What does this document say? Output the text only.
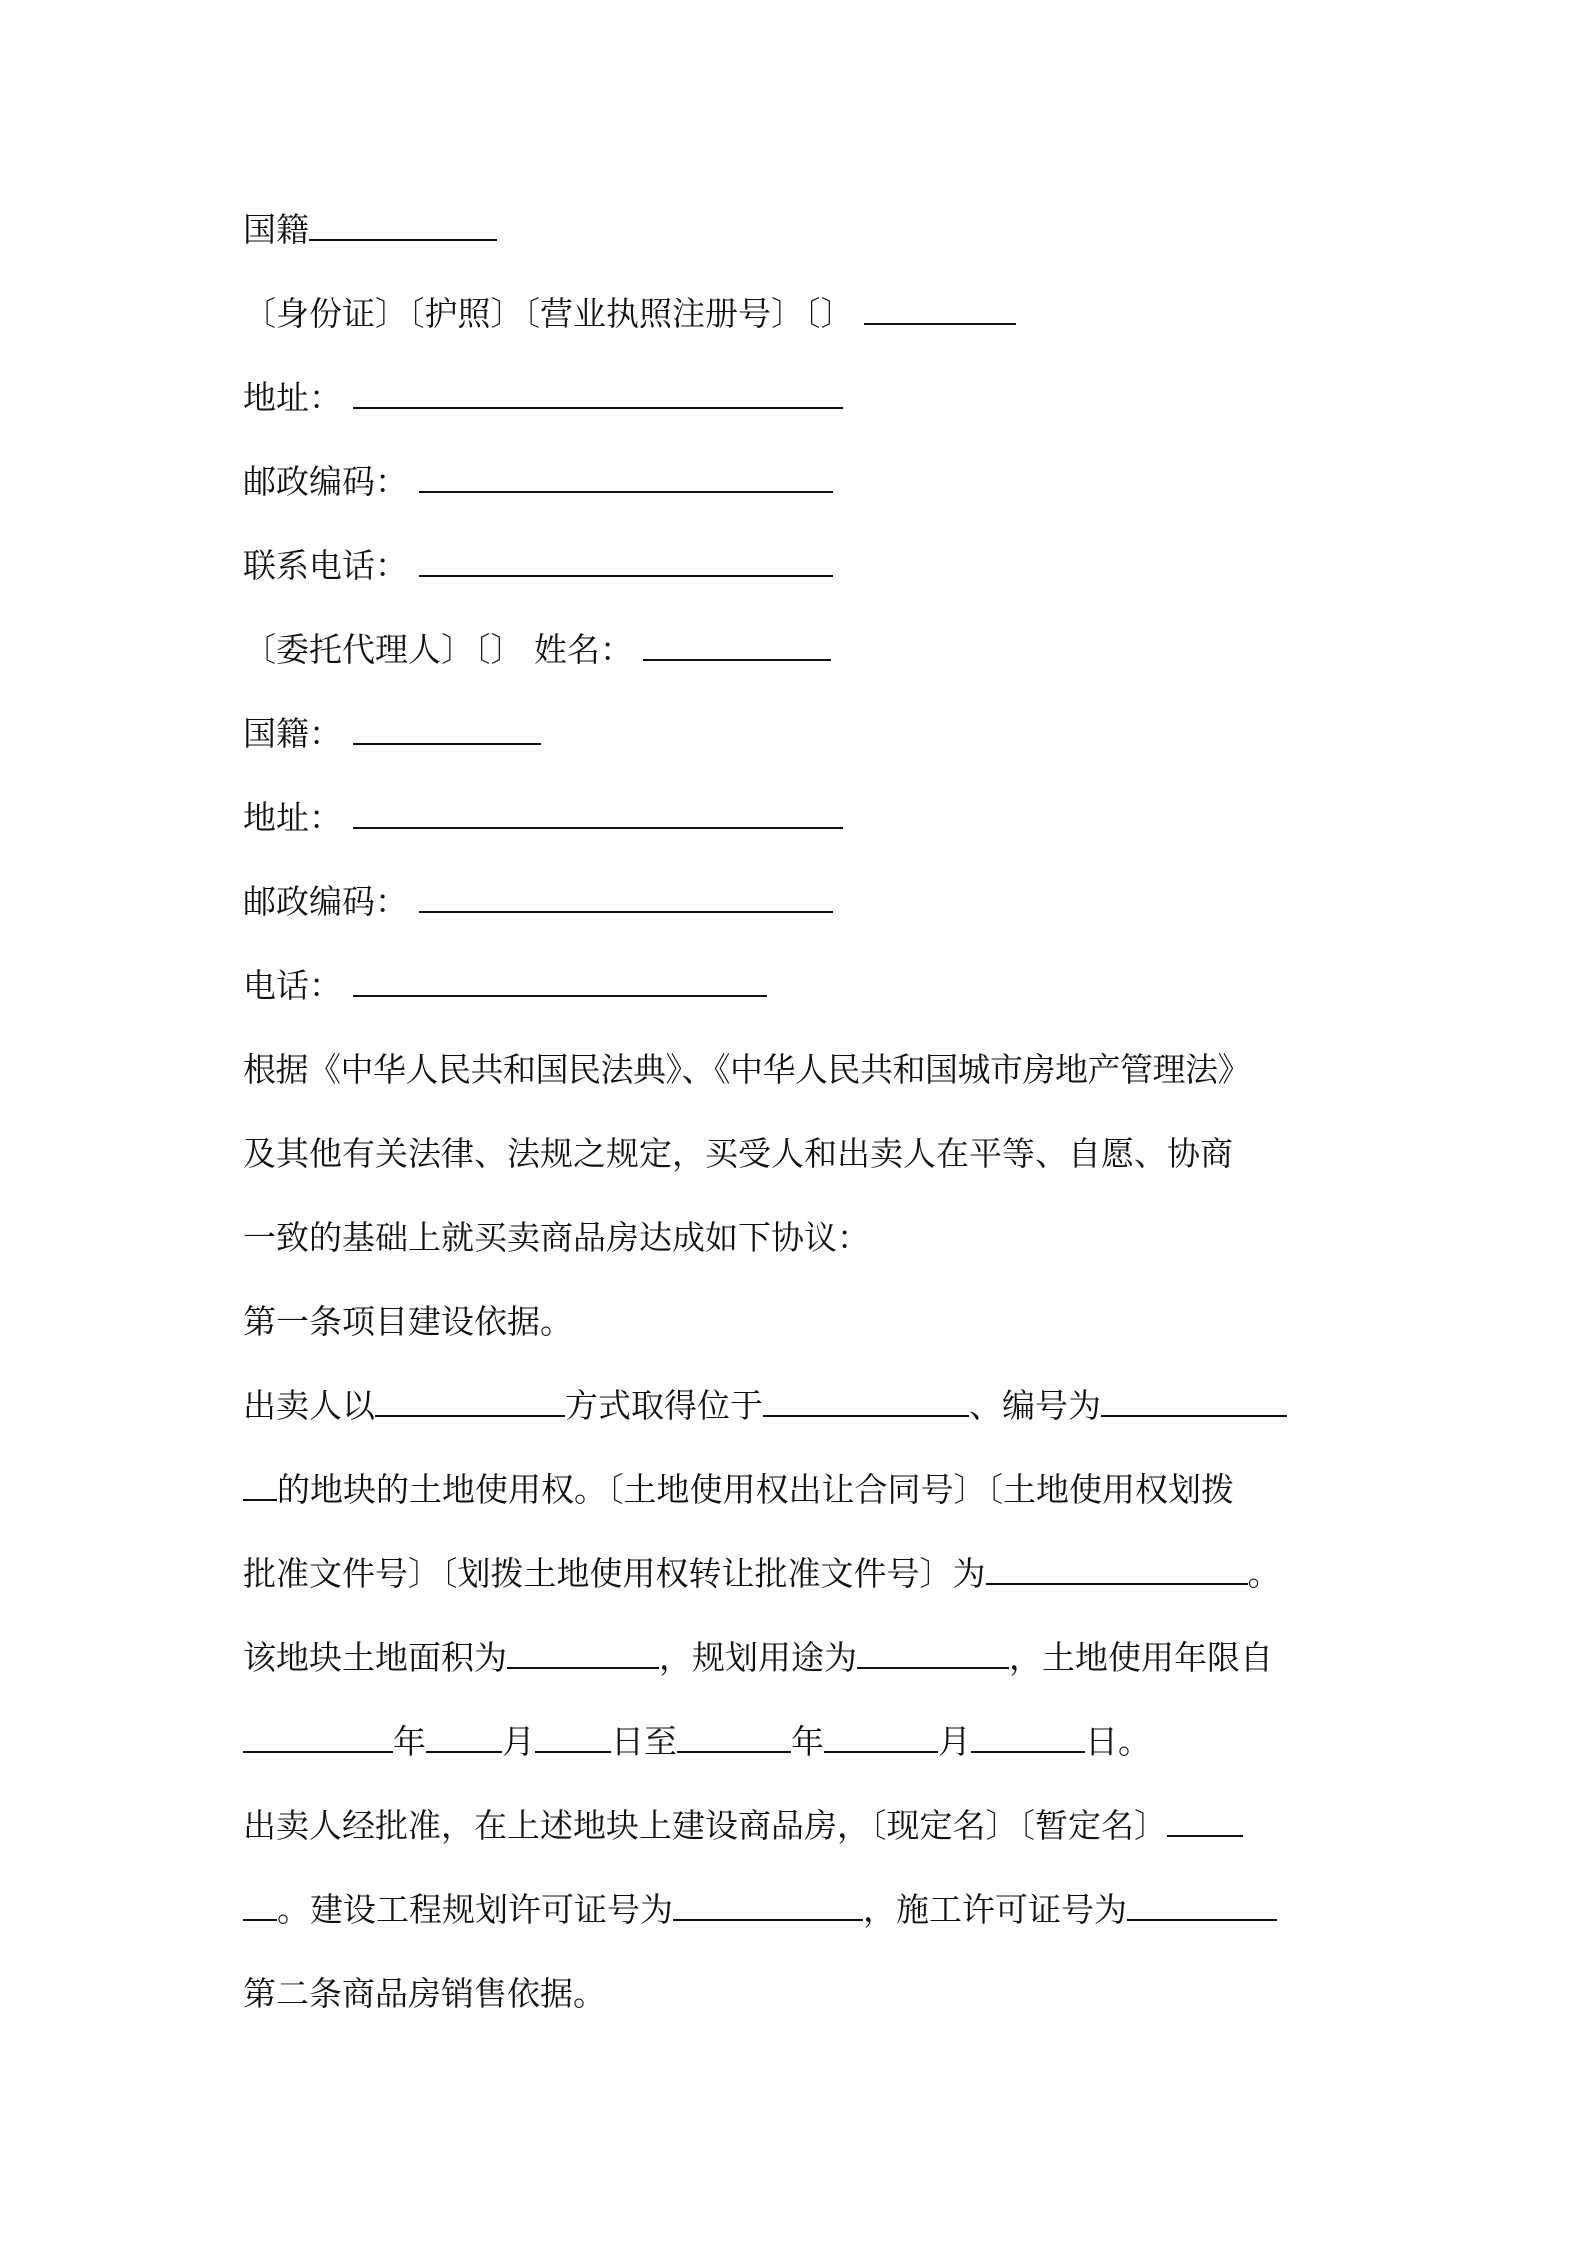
国籍
〔身份证〕〔护照〕〔营业执照注册号〕〔〕
地址：
邮政编码：
联系电话：
〔委托代理人〕〔〕 姓名：
国籍：
地址：
邮政编码：
电话：
根据《中华人民共和国民法典》、《中华人民共和国城市房地产管理法》
及其他有关法律、法规之规定，买受人和出卖人在平等、自愿、协商
一致的基础上就买卖商品房达成如下协议：
第一条项目建设依据。
出卖人以	方式取得位于	、编号为
的地块的土地使用权。〔土地使用权出让合同号〕〔土地使用权划拨
批准文件号〕〔划拨土地使用权转让批准文件号〕为	。
该地块土地面积为	，规划用途为	，土地使用年限自
年 月 日至	年	月	日。
出卖人经批准，在上述地块上建设商品房，〔现定名〕〔暂定名〕
。建设工程规划许可证号为	，施工许可证号为
第二条商品房销售依据。
